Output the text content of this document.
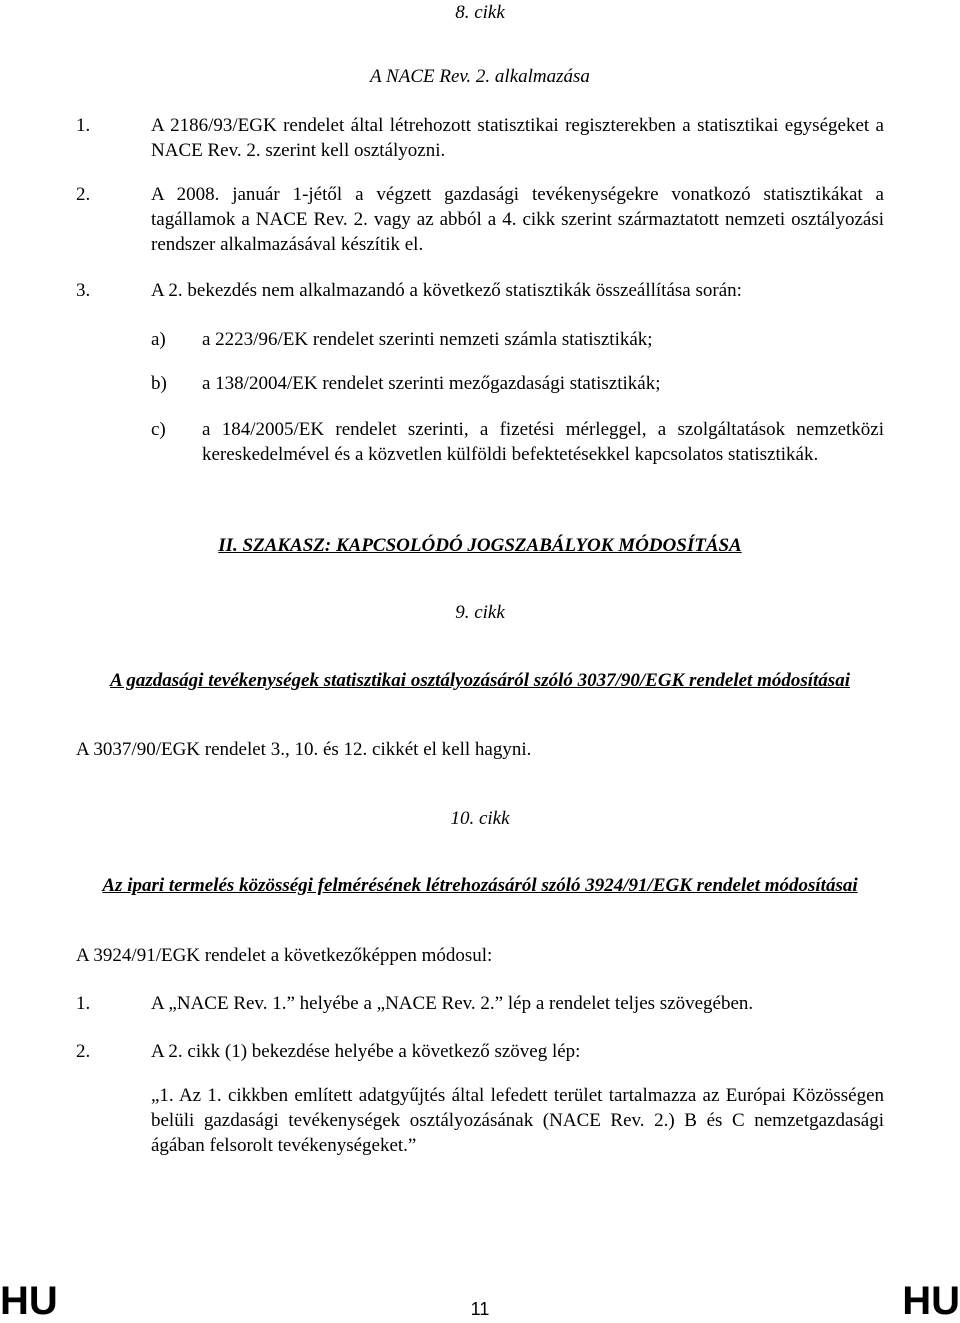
8. cikk
A NACE Rev. 2. alkalmazása
1.	A 2186/93/EGK rendelet által létrehozott statisztikai regiszterekben a statisztikai egységeket a NACE Rev. 2. szerint kell osztályozni.
2.	A 2008. január 1-jétől a végzett gazdasági tevékenységekre vonatkozó statisztikákat a tagállamok a NACE Rev. 2. vagy az abból a 4. cikk szerint származtatott nemzeti osztályozási rendszer alkalmazásával készítik el.
3.	A 2. bekezdés nem alkalmazandó a következő statisztikák összeállítása során:
a) a 2223/96/EK rendelet szerinti nemzeti számla statisztikák;
b) a 138/2004/EK rendelet szerinti mezőgazdasági statisztikák;
c) a 184/2005/EK rendelet szerinti, a fizetési mérleggel, a szolgáltatások nemzetközi kereskedelmével és a közvetlen külföldi befektetésekkel kapcsolatos statisztikák.
II. SZAKASZ: KAPCSOLÓDÓ JOGSZABÁLYOK MÓDOSÍTÁSA
9. cikk
A gazdasági tevékenységek statisztikai osztályozásáról szóló 3037/90/EGK rendelet módosításai
A 3037/90/EGK rendelet 3., 10. és 12. cikkét el kell hagyni.
10. cikk
Az ipari termelés közösségi felmérésének létrehozásáról szóló 3924/91/EGK rendelet módosításai
A 3924/91/EGK rendelet a következőképpen módosul:
1.	A „NACE Rev. 1.” helyébe a „NACE Rev. 2.” lép a rendelet teljes szövegében.
2.	A 2. cikk (1) bekezdése helyébe a következő szöveg lép:
„1. Az 1. cikkben említett adatgyűjtés által lefedett terület tartalmazza az Európai Közösségen belüli gazdasági tevékenységek osztályozásának (NACE Rev. 2.) B és C nemzetgazdasági ágában felsorolt tevékenységeket.”
HU	11	HU
